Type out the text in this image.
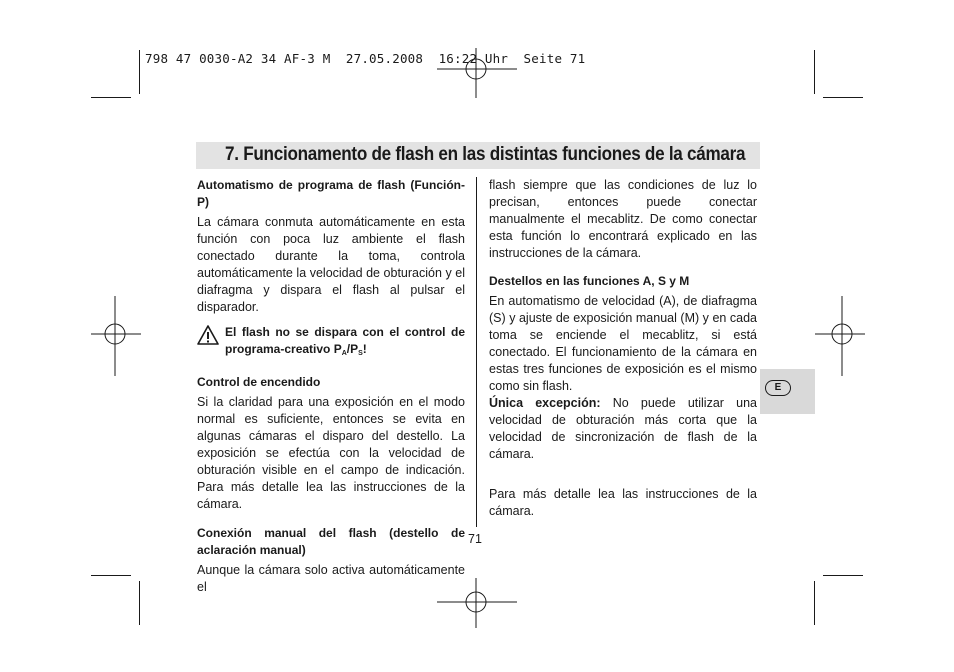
798 47 0030-A2 34 AF-3 M  27.05.2008  16:22 Uhr  Seite 71
7. Funcionamento de flash en las distintas funciones de la cámara

Automatismo de programa de flash (Función-P)

La cámara conmuta automáticamente en esta función con poca luz ambiente el flash conectado durante la toma, controla automáticamente la velocidad de obturación y el diafragma y dispara el flash al pulsar el disparador.

El flash no se dispara con el control de programa-creativo $P_A/P_S$!

Control de encendido

Si la claridad para una exposición en el modo normal es suficiente, entonces se evita en algunas cámaras el disparo del destello. La exposición se efectúa con la velocidad de obturación visible en el campo de indicación. Para más detalle lea las instrucciones de la cámara.

Conexión manual del flash (destello de aclaración manual)

Aunque la cámara solo activa automáticamente el

flash siempre que las condiciones de luz lo precisan, entonces puede conectar manualmente el mecablitz. De como conectar esta función lo encontrará explicado en las instrucciones de la cámara.

Destellos en las funciones A, S y M

En automatismo de velocidad (A), de diafragma (S) y ajuste de exposición manual (M) y en cada toma se enciende el mecablitz, si está conectado. El funcionamiento de la cámara en estas tres funciones de exposición es el mismo como sin flash.

Única excepción: No puede utilizar una velocidad de obturación más corta que la velocidad de sincronización de flash de la cámara.

Para más detalle lea las instrucciones de la cámara.

71
E
